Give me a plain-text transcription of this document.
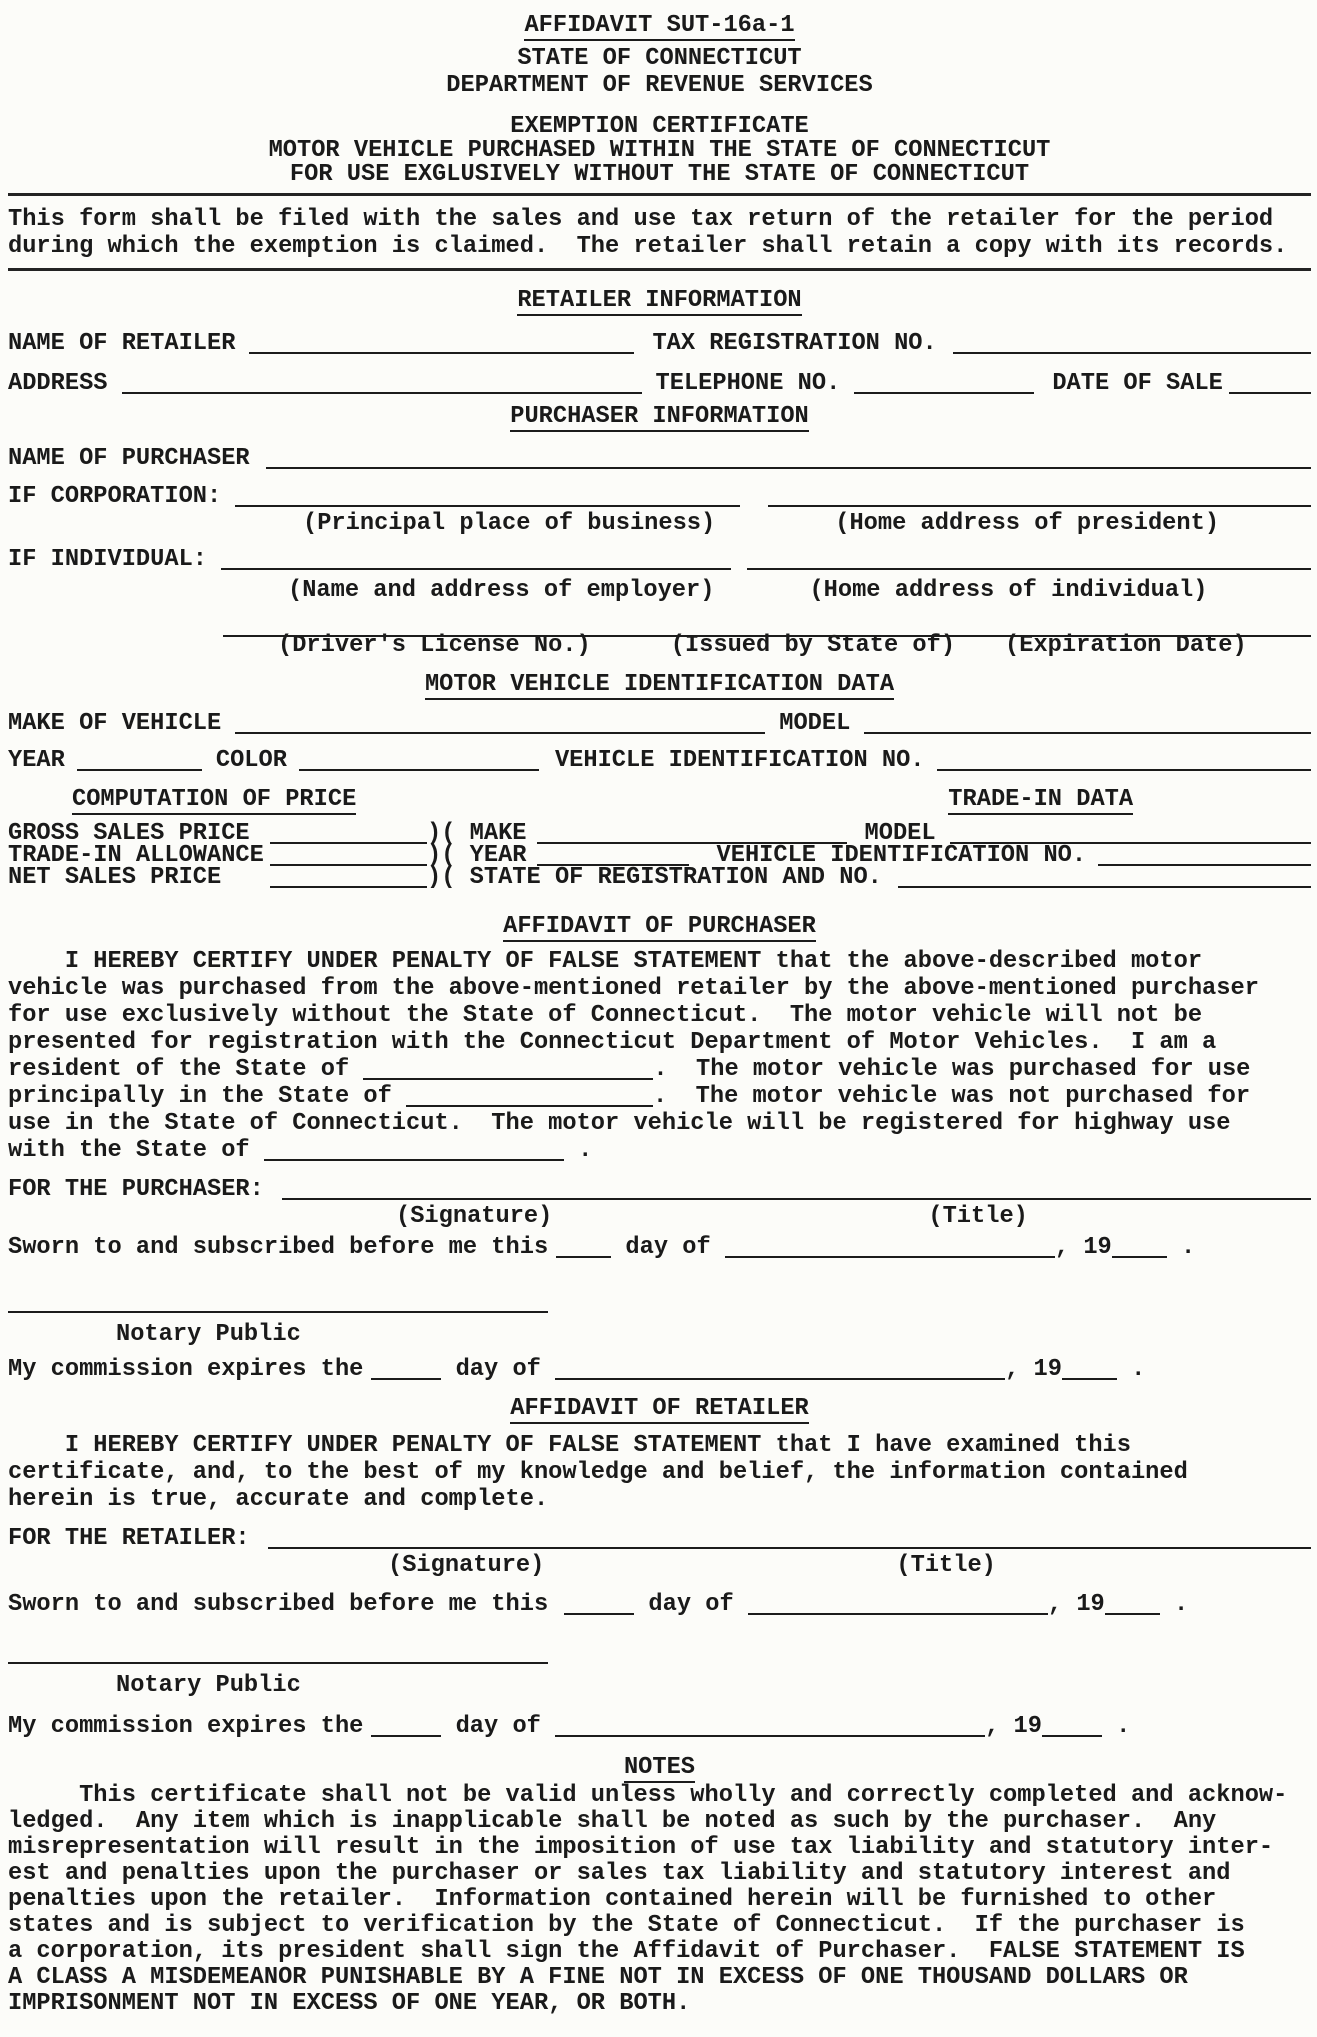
AFFIDAVIT SUT-16a-1
STATE OF CONNECTICUT
DEPARTMENT OF REVENUE SERVICES
EXEMPTION CERTIFICATE
MOTOR VEHICLE PURCHASED WITHIN THE STATE OF CONNECTICUT
FOR USE EXGLUSIVELY WITHOUT THE STATE OF CONNECTICUT
This form shall be filed with the sales and use tax return of the retailer for the period
during which the exemption is claimed.  The retailer shall retain a copy with its records.
RETAILER INFORMATION
NAME OF RETAILER	TAX REGISTRATION NO.
ADDRESS	TELEPHONE NO.	DATE OF SALE
PURCHASER INFORMATION
NAME OF PURCHASER
IF CORPORATION:
(Principal place of business)	(Home address of president)
IF INDIVIDUAL:
(Name and address of employer)	(Home address of individual)
(Driver's License No.)	(Issued by State of) (Expiration Date)
MOTOR VEHICLE IDENTIFICATION DATA
MAKE OF VEHICLE	MODEL
YEAR	COLOR	VEHICLE IDENTIFICATION NO.
COMPUTATION OF PRICE	TRADE-IN DATA
GROSS SALES PRICE	)( MAKE	MODEL
TRADE-IN ALLOWANCE	)( YEAR	VEHICLE IDENTIFICATION NO.
NET SALES PRICE	)( STATE OF REGISTRATION AND NO.
AFFIDAVIT OF PURCHASER
I HEREBY CERTIFY UNDER PENALTY OF FALSE STATEMENT that the above-described motor
vehicle was purchased from the above-mentioned retailer by the above-mentioned purchaser
for use exclusively without the State of Connecticut.  The motor vehicle will not be
presented for registration with the Connecticut Department of Motor Vehicles.  I am a
resident of the State of	.  The motor vehicle was purchased for use
principally in the State of	.  The motor vehicle was not purchased for
use in the State of Connecticut.  The motor vehicle will be registered for highway use
with the State of	.
FOR THE PURCHASER:
(Signature)	(Title)
Sworn to and subscribed before me this	day of	, 19 .
Notary Public
My commission expires the	day of	, 19 .
AFFIDAVIT OF RETAILER
I HEREBY CERTIFY UNDER PENALTY OF FALSE STATEMENT that I have examined this
certificate, and, to the best of my knowledge and belief, the information contained
herein is true, accurate and complete.
FOR THE RETAILER:
(Signature)	(Title)
Sworn to and subscribed before me this	day of	, 19 .
Notary Public
My commission expires the	day of	, 19	.
NOTES
This certificate shall not be valid unless wholly and correctly completed and acknow-
ledged.  Any item which is inapplicable shall be noted as such by the purchaser.  Any
misrepresentation will result in the imposition of use tax liability and statutory inter-
est and penalties upon the purchaser or sales tax liability and statutory interest and
penalties upon the retailer.  Information contained herein will be furnished to other
states and is subject to verification by the State of Connecticut.  If the purchaser is
a corporation, its president shall sign the Affidavit of Purchaser.  FALSE STATEMENT IS
A CLASS A MISDEMEANOR PUNISHABLE BY A FINE NOT IN EXCESS OF ONE THOUSAND DOLLARS OR
IMPRISONMENT NOT IN EXCESS OF ONE YEAR, OR BOTH.
